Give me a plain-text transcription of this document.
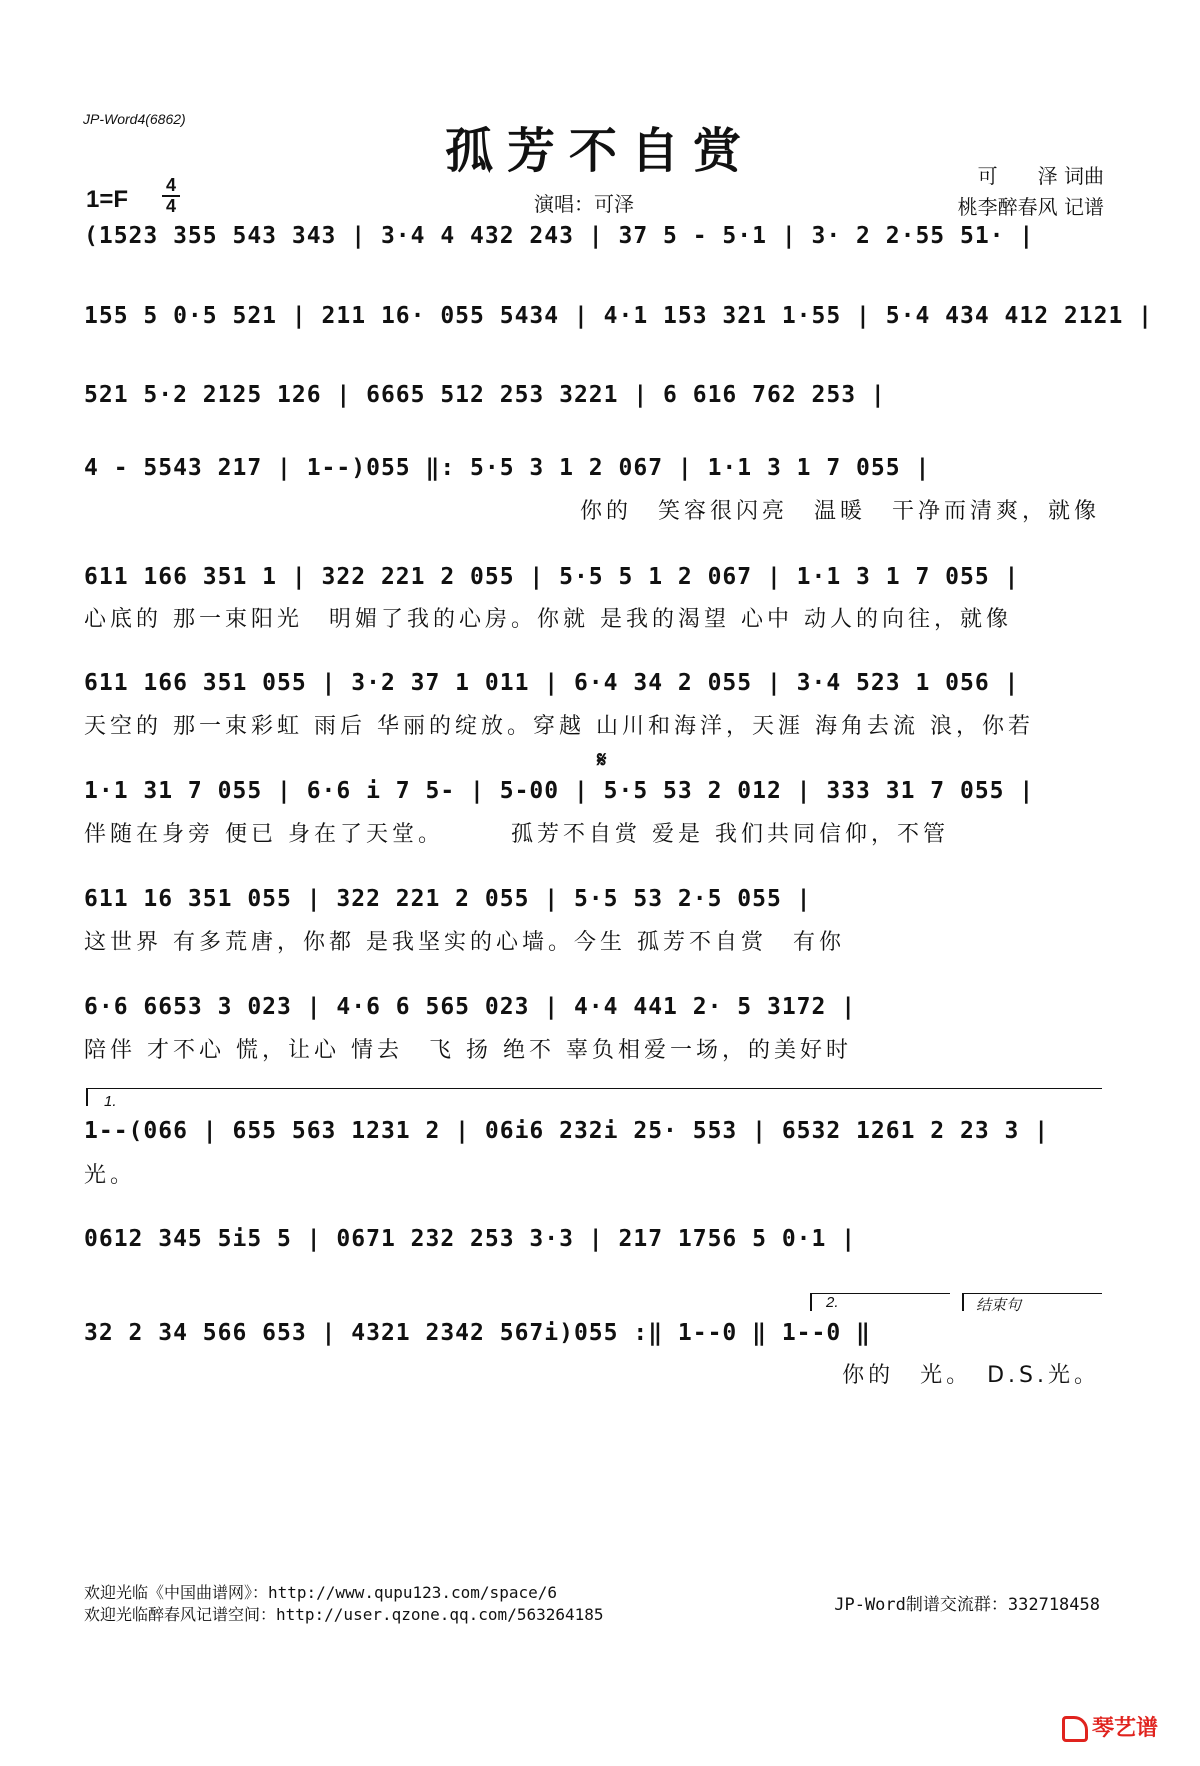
JP-Word4(6862)
孤芳不自赏
1=F
4
4	演唱：可泽
可　　泽 词曲
桃李醉春风 记谱
(1523 355 543 343 | 3·4 4 432 243 | 37 5 - 5·1 | 3· 2 2·55 51· |
155 5 0·5 521 | 211 16· 055 5434 | 4·1 153 321 1·55 | 5·4 434 412 2121 |
521 5·2 2125 126 | 6665 512 253 3221 | 6 616 762 253 |
4 - 5543 217 | 1--)055 ‖: 5·5 3 1 2 067 | 1·1 3 1 7 055 |
你的　笑容很闪亮　温暖　干净而清爽，就像
611 166 351 1 | 322 221 2 055 | 5·5 5 1 2 067 | 1·1 3 1 7 055 |
心底的 那一束阳光　明媚了我的心房。你就 是我的渴望 心中 动人的向往，就像
611 166 351 055 | 3·2 37 1 011 | 6·4 34 2 055 | 3·4 523 1 056 |
天空的 那一束彩虹 雨后 华丽的绽放。穿越 山川和海洋，天涯 海角去流 浪，你若
𝄋
1·1 31 7 055 | 6·6 i 7 5- | 5-00 | 5·5 53 2 012 | 333 31 7 055 |
伴随在身旁 便已 身在了天堂。　　　孤芳不自赏 爱是 我们共同信仰，不管
611 16 351 055 | 322 221 2 055 | 5·5 53 2·5 055 |
这世界 有多荒唐，你都 是我坚实的心墙。今生 孤芳不自赏　有你
6·6 6653 3 023 | 4·6 6 565 023 | 4·4 441 2· 5 3172 |
陪伴 才不心 慌，让心 情去　飞 扬 绝不 辜负相爱一场，的美好时
1.
1--(066 | 655 563 1231 2 | 06i6 232i 25· 553 | 6532 1261 2 23 3 |
光。
0612 345 5i5 5 | 0671 232 253 3·3 | 217 1756 5 0·1 |
2.	结束句
32 2 34 566 653 | 4321 2342 567i)055 :‖ 1--0 ‖ 1--0 ‖
你的　光。　D.S.光。
欢迎光临《中国曲谱网》：http://www.qupu123.com/space/6
欢迎光临醉春风记谱空间：http://user.qzone.qq.com/563264185	JP-Word制谱交流群：332718458
琴艺谱
